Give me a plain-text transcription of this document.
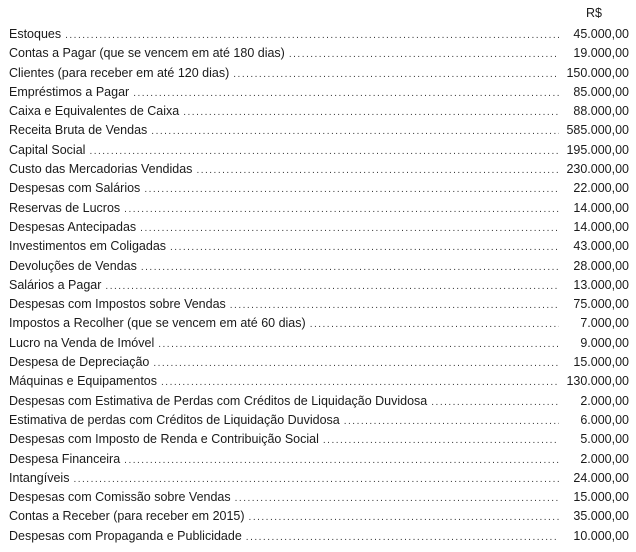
R$
Estoques .....	45.000,00
Contas a Pagar (que se vencem em até 180 dias) .....	19.000,00
Clientes (para receber em até 120 dias) .....	150.000,00
Empréstimos a Pagar .....	85.000,00
Caixa e Equivalentes de Caixa .....	88.000,00
Receita Bruta de Vendas .....	585.000,00
Capital Social .....	195.000,00
Custo das Mercadorias Vendidas .....	230.000,00
Despesas com Salários .....	22.000,00
Reservas de Lucros .....	14.000,00
Despesas Antecipadas .....	14.000,00
Investimentos em Coligadas .....	43.000,00
Devoluções de Vendas .....	28.000,00
Salários a Pagar .....	13.000,00
Despesas com Impostos sobre Vendas .....	75.000,00
Impostos a Recolher (que se vencem em até 60 dias) .....	7.000,00
Lucro na Venda de Imóvel .....	9.000,00
Despesa de Depreciação .....	15.000,00
Máquinas e Equipamentos .....	130.000,00
Despesas com Estimativa de Perdas com Créditos de Liquidação Duvidosa .....	2.000,00
Estimativa de perdas com Créditos de Liquidação Duvidosa .....	6.000,00
Despesas com Imposto de Renda e Contribuição Social .....	5.000,00
Despesa Financeira .....	2.000,00
Intangíveis .....	24.000,00
Despesas com Comissão sobre Vendas .....	15.000,00
Contas a Receber (para receber em 2015) .....	35.000,00
Despesas com Propaganda e Publicidade .....	10.000,00
